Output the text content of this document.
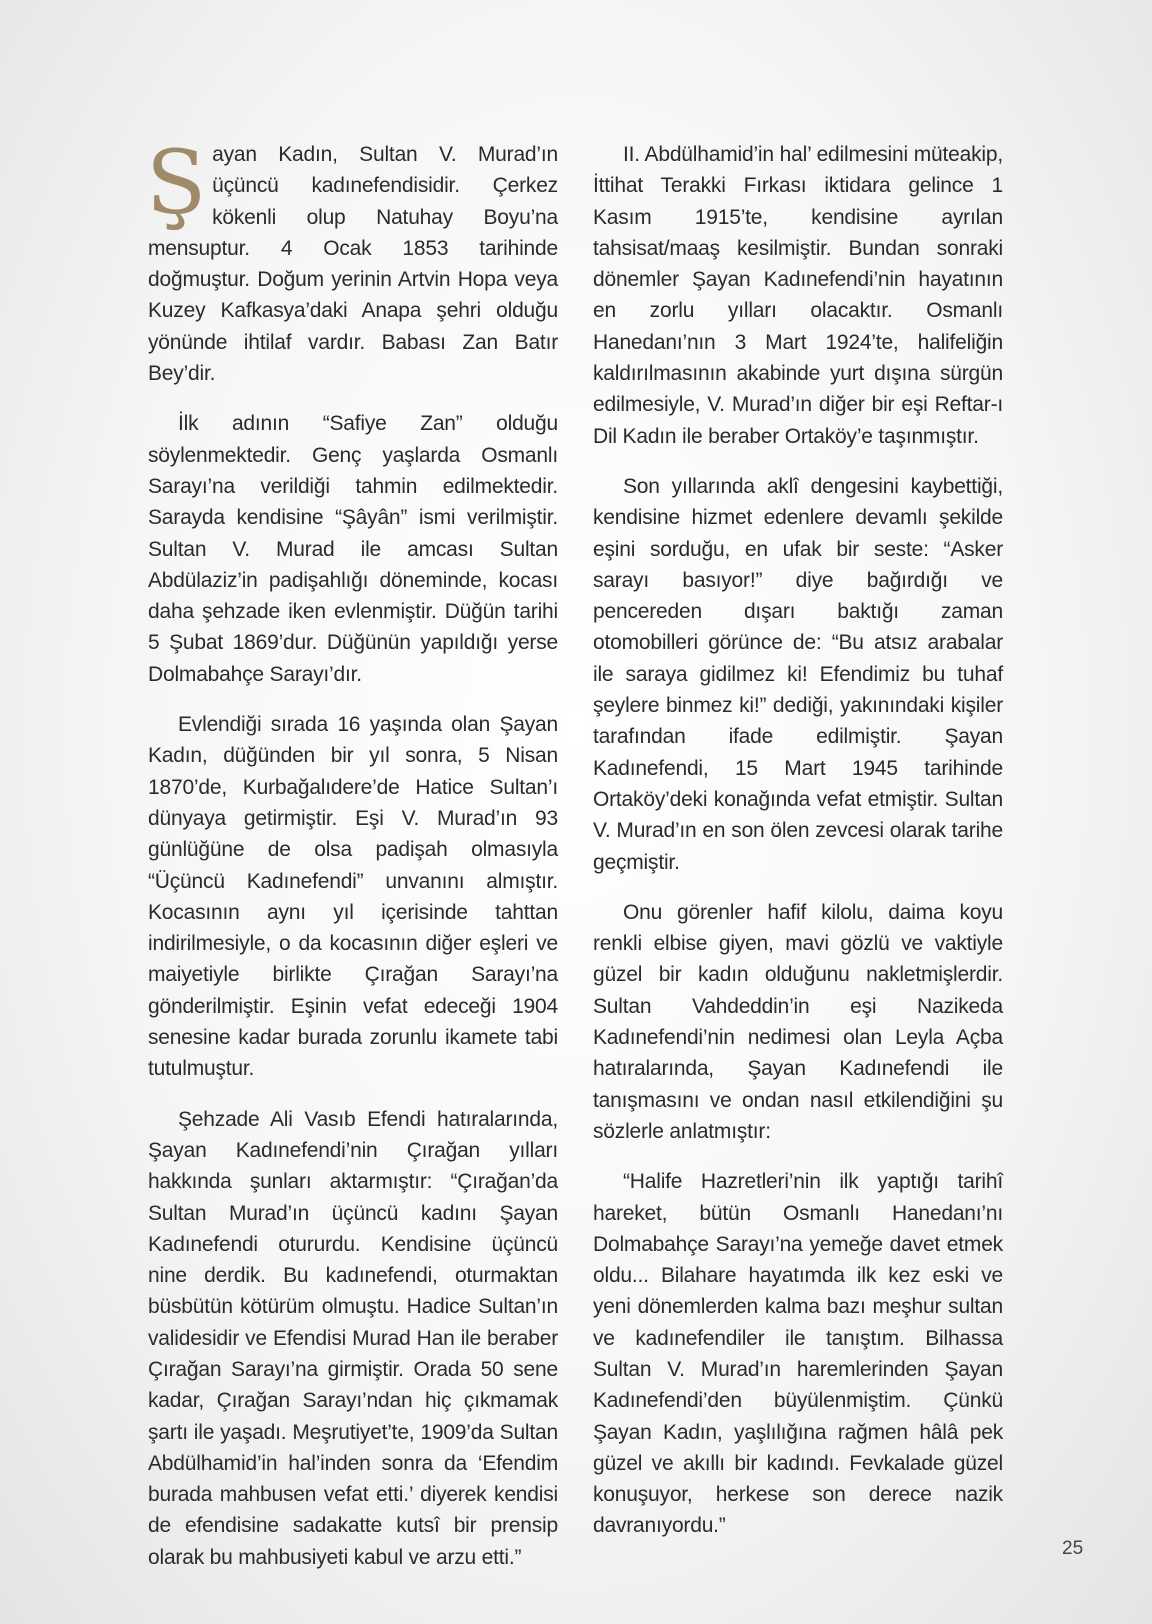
Şayan Kadın, Sultan V. Murad’ın üçüncü kadınefendisidir. Çerkez kökenli olup Natuhay Boyu’na mensuptur. 4 Ocak 1853 tarihinde doğmuştur. Doğum yerinin Artvin Hopa veya Kuzey Kafkasya’daki Anapa şehri olduğu yönünde ihtilaf vardır. Babası Zan Batır Bey’dir.

İlk adının “Safiye Zan” olduğu söylenmektedir. Genç yaşlarda Osmanlı Sarayı’na verildiği tahmin edilmektedir. Sarayda kendisine “Şâyân” ismi verilmiştir. Sultan V. Murad ile amcası Sultan Abdülaziz’in padişahlığı döneminde, kocası daha şehzade iken evlenmiştir. Düğün tarihi 5 Şubat 1869’dur. Düğünün yapıldığı yerse Dolmabahçe Sarayı’dır.

Evlendiği sırada 16 yaşında olan Şayan Kadın, düğünden bir yıl sonra, 5 Nisan 1870’de, Kurbağalıdere’de Hatice Sultan’ı dünyaya getirmiştir. Eşi V. Murad’ın 93 günlüğüne de olsa padişah olmasıyla “Üçüncü Kadınefendi” unvanını almıştır. Kocasının aynı yıl içerisinde tahttan indirilmesiyle, o da kocasının diğer eşleri ve maiyetiyle birlikte Çırağan Sarayı’na gönderilmiştir. Eşinin vefat edeceği 1904 senesine kadar burada zorunlu ikamete tabi tutulmuştur.

Şehzade Ali Vasıb Efendi hatıralarında, Şayan Kadınefendi’nin Çırağan yılları hakkında şunları aktarmıştır: “Çırağan’da Sultan Murad’ın üçüncü kadını Şayan Kadınefendi otururdu. Kendisine üçüncü nine derdik. Bu kadınefendi, oturmaktan büsbütün kötürüm olmuştu. Hadice Sultan’ın validesidir ve Efendisi Murad Han ile beraber Çırağan Sarayı’na girmiştir. Orada 50 sene kadar, Çırağan Sarayı’ndan hiç çıkmamak şartı ile yaşadı. Meşrutiyet’te, 1909’da Sultan Abdülhamid’in hal’inden sonra da ‘Efendim burada mahbusen vefat etti.’ diyerek kendisi de efendisine sadakatte kutsî bir prensip olarak bu mahbusiyeti kabul ve arzu etti.”

II. Abdülhamid’in hal’ edilmesini müteakip, İttihat Terakki Fırkası iktidara gelince 1 Kasım 1915’te, kendisine ayrılan tahsisat/maaş kesilmiştir. Bundan sonraki dönemler Şayan Kadınefendi’nin hayatının en zorlu yılları olacaktır. Osmanlı Hanedanı’nın 3 Mart 1924’te, halifeliğin kaldırılmasının akabinde yurt dışına sürgün edilmesiyle, V. Murad’ın diğer bir eşi Reftar-ı Dil Kadın ile beraber Ortaköy’e taşınmıştır.

Son yıllarında aklî dengesini kaybettiği, kendisine hizmet edenlere devamlı şekilde eşini sorduğu, en ufak bir seste: “Asker sarayı basıyor!” diye bağırdığı ve pencereden dışarı baktığı zaman otomobilleri görünce de: “Bu atsız arabalar ile saraya gidilmez ki! Efendimiz bu tuhaf şeylere binmez ki!” dediği, yakınındaki kişiler tarafından ifade edilmiştir. Şayan Kadınefendi, 15 Mart 1945 tarihinde Ortaköy’deki konağında vefat etmiştir. Sultan V. Murad’ın en son ölen zevcesi olarak tarihe geçmiştir.

Onu görenler hafif kilolu, daima koyu renkli elbise giyen, mavi gözlü ve vaktiyle güzel bir kadın olduğunu nakletmişlerdir. Sultan Vahdeddin’in eşi Nazikeda Kadınefendi’nin nedimesi olan Leyla Açba hatıralarında, Şayan Kadınefendi ile tanışmasını ve ondan nasıl etkilendiğini şu sözlerle anlatmıştır:

“Halife Hazretleri’nin ilk yaptığı tarihî hareket, bütün Osmanlı Hanedanı’nı Dolmabahçe Sarayı’na yemeğe davet etmek oldu... Bilahare hayatımda ilk kez eski ve yeni dönemlerden kalma bazı meşhur sultan ve kadınefendiler ile tanıştım. Bilhassa Sultan V. Murad’ın haremlerinden Şayan Kadınefendi’den büyülenmiştim. Çünkü Şayan Kadın, yaşlılığına rağmen hâlâ pek güzel ve akıllı bir kadındı. Fevkalade güzel konuşuyor, herkese son derece nazik davranıyordu.”

25
